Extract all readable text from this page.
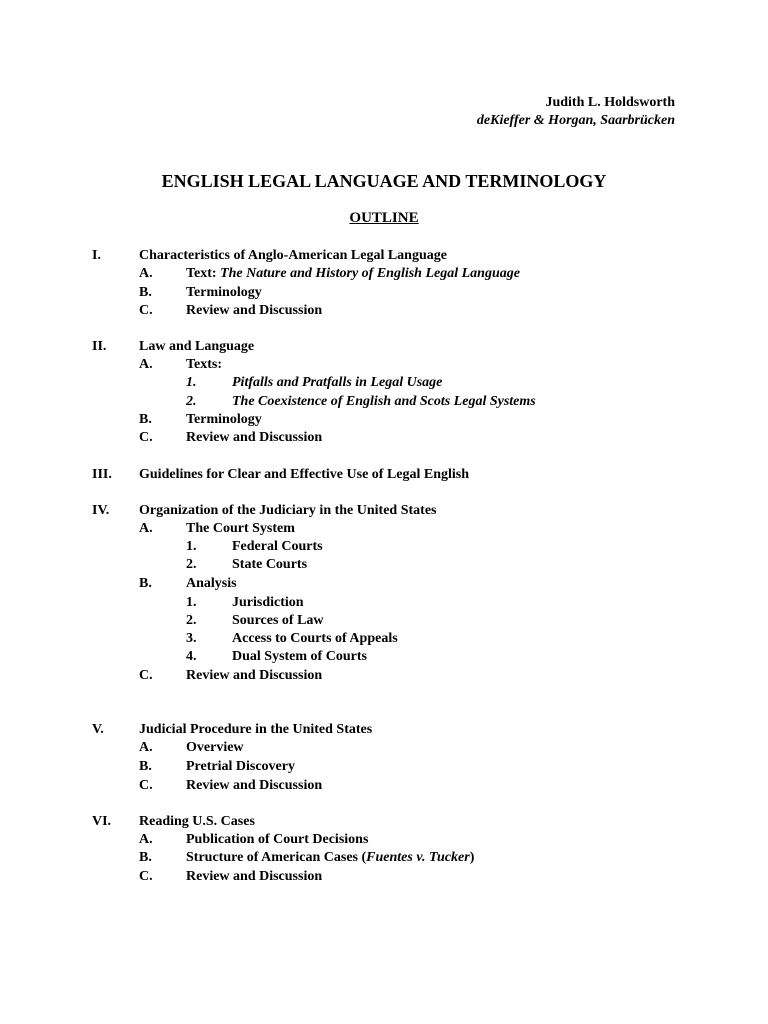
Judith L. Holdsworth
deKieffer & Horgan, Saarbrücken
ENGLISH LEGAL LANGUAGE AND TERMINOLOGY
OUTLINE
I.	Characteristics of Anglo-American Legal Language
A. Text: The Nature and History of English Legal Language
B. Terminology
C. Review and Discussion
II. Law and Language
A. Texts:
1.	Pitfalls and Pratfalls in Legal Usage
2.	The Coexistence of English and Scots Legal Systems
B. Terminology
C. Review and Discussion
III. Guidelines for Clear and Effective Use of Legal English
IV. Organization of the Judiciary in the United States
A. The Court System
1.	Federal Courts
2.	State Courts
B. Analysis
1.	Jurisdiction
2.	Sources of Law
3.	Access to Courts of Appeals
4.	Dual System of Courts
C. Review and Discussion
V.	Judicial Procedure in the United States
A. Overview
B. Pretrial Discovery
C. Review and Discussion
VI. Reading U.S. Cases
A. Publication of Court Decisions
B. Structure of American Cases (Fuentes v. Tucker)
C. Review and Discussion
